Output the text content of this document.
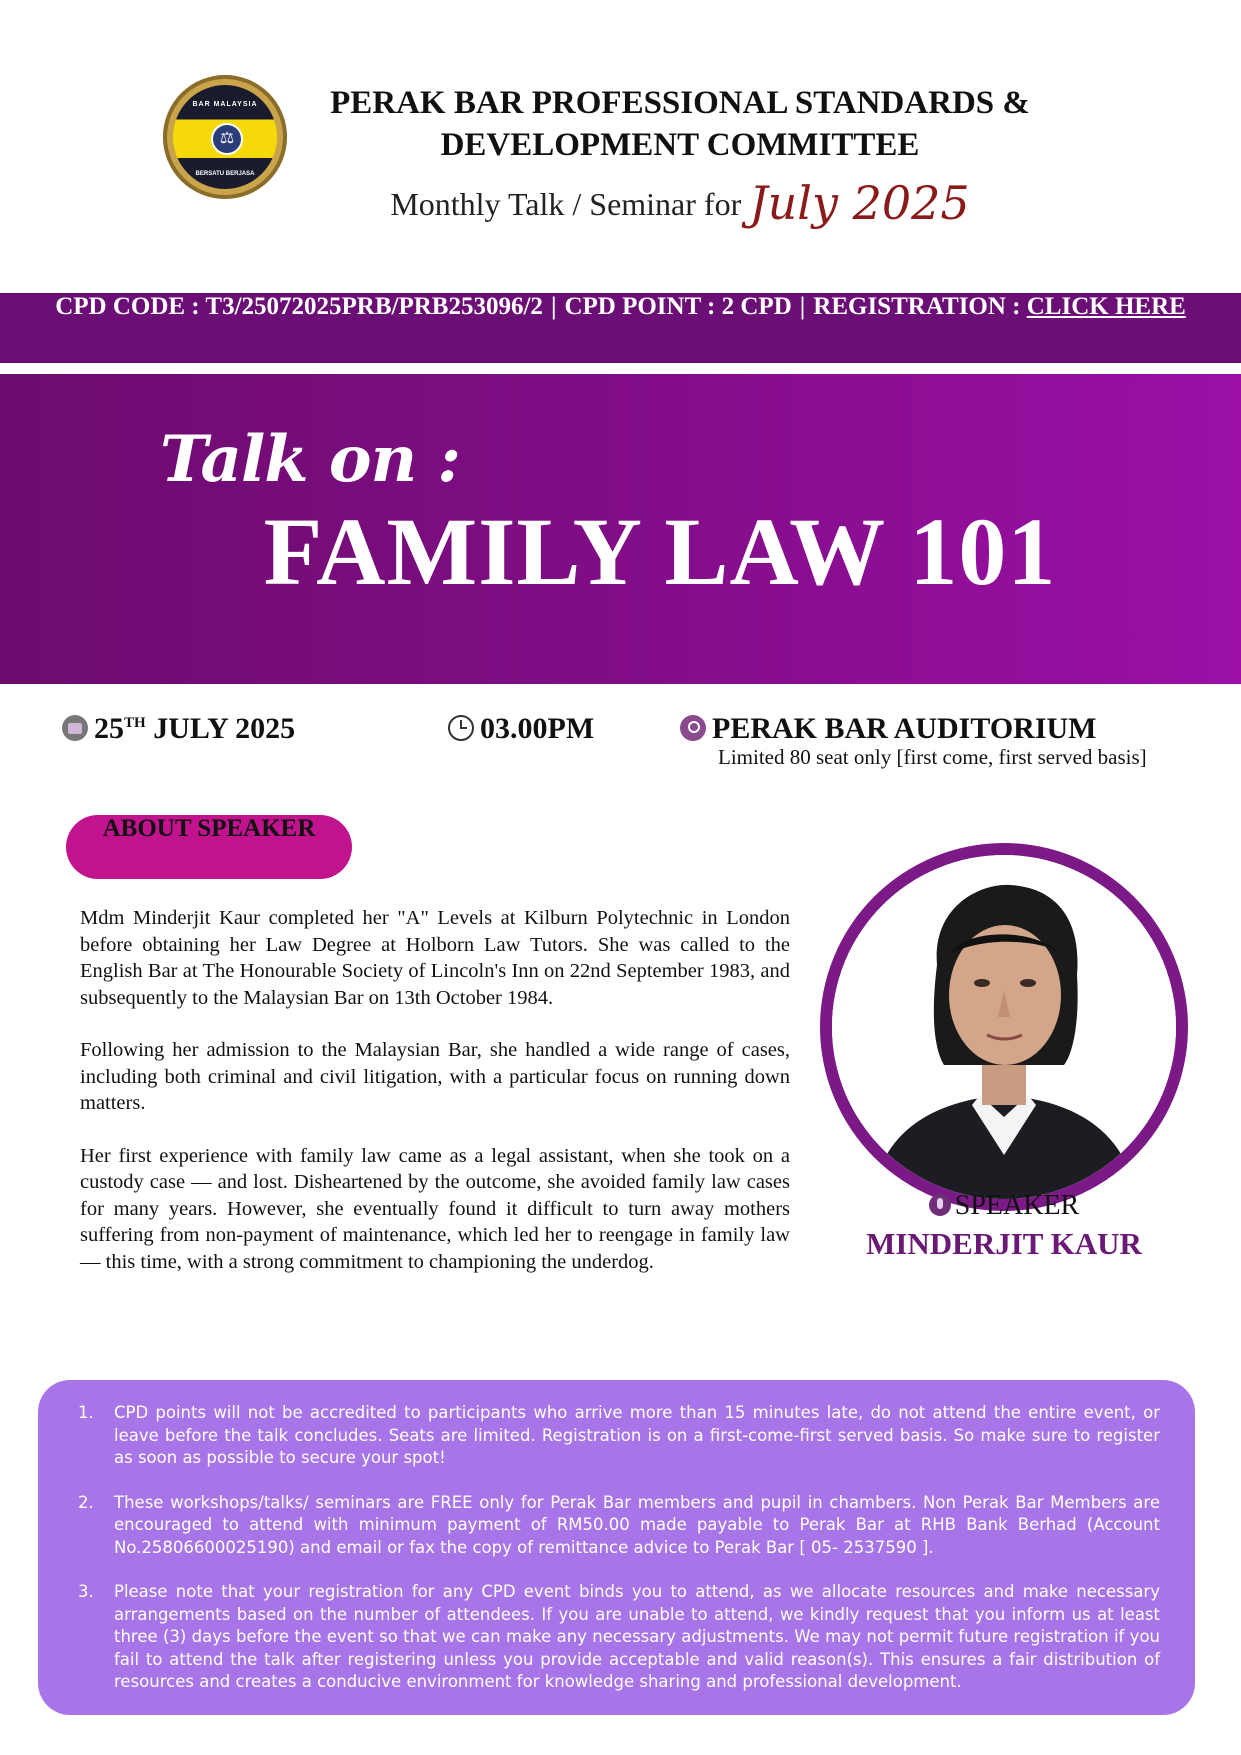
BAR MALAYSIA
⚖
BERSATU BERJASA
PERAK BAR PROFESSIONAL STANDARDS &
DEVELOPMENT COMMITTEE
Monthly Talk / Seminar for July 2025
CPD CODE : T3/25072025PRB/PRB253096/2 | CPD POINT : 2 CPD | REGISTRATION : CLICK HERE
Talk on :
FAMILY LAW 101
25TH JULY 2025	03.00PM	PERAK BAR AUDITORIUM
Limited 80 seat only [first come, first served basis]
ABOUT SPEAKER

Mdm Minderjit Kaur completed her "A" Levels at Kilburn Polytechnic in London before obtaining her Law Degree at Holborn Law Tutors. She was called to the English Bar at The Honourable Society of Lincoln's Inn on 22nd September 1983, and subsequently to the Malaysian Bar on 13th October 1984.

Following her admission to the Malaysian Bar, she handled a wide range of cases, including both criminal and civil litigation, with a particular focus on running down matters.

Her first experience with family law came as a legal assistant, when she took on a custody case — and lost. Disheartened by the outcome, she avoided family law cases for many years. However, she eventually found it difficult to turn away mothers suffering from non-payment of maintenance, which led her to reengage in family law — this time, with a strong commitment to championing the underdog.

SPEAKER
MINDERJIT KAUR
1. CPD points will not be accredited to participants who arrive more than 15 minutes late, do not attend the entire event, or leave before the talk concludes. Seats are limited. Registration is on a first-come-first served basis. So make sure to register as soon as possible to secure your spot!
2. These workshops/talks/ seminars are FREE only for Perak Bar members and pupil in chambers. Non Perak Bar Members are encouraged to attend with minimum payment of RM50.00 made payable to Perak Bar at RHB Bank Berhad (Account No.25806600025190) and email or fax the copy of remittance advice to Perak Bar [ 05- 2537590 ].
3. Please note that your registration for any CPD event binds you to attend, as we allocate resources and make necessary arrangements based on the number of attendees. If you are unable to attend, we kindly request that you inform us at least three (3) days before the event so that we can make any necessary adjustments. We may not permit future registration if you fail to attend the talk after registering unless you provide acceptable and valid reason(s). This ensures a fair distribution of resources and creates a conducive environment for knowledge sharing and professional development.
